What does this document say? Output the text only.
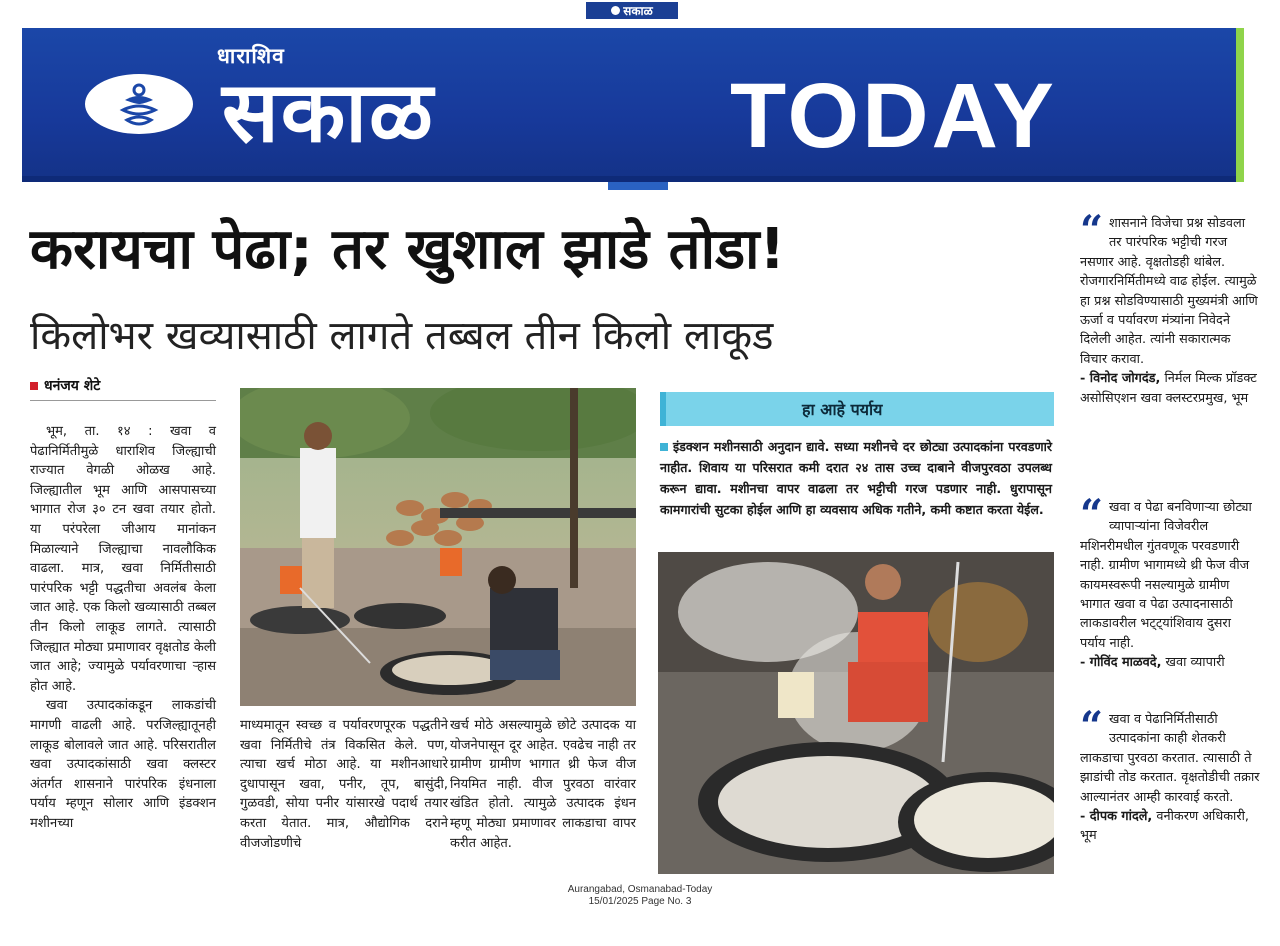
सकाळ
धाराशिव
सकाळ	TODAY
करायचा पेढा; तर खुशाल झाडे तोडा!
किलोभर खव्यासाठी लागते तब्बल तीन किलो लाकूड
धनंजय शेटे

भूम, ता. १४ : खवा व पेढानिर्मितीमुळे धाराशिव जिल्ह्याची राज्यात वेगळी ओळख आहे. जिल्ह्यातील भूम आणि आसपासच्या भागात रोज ३० टन खवा तयार होतो. या परंपरेला जीआय मानांकन मिळाल्याने जिल्ह्याचा नावलौकिक वाढला. मात्र, खवा निर्मितीसाठी पारंपरिक भट्टी पद्धतीचा अवलंब केला जात आहे. एक किलो खव्यासाठी तब्बल तीन किलो लाकूड लागते. त्यासाठी जिल्ह्यात मोठ्या प्रमाणावर वृक्षतोड केली जात आहे; ज्यामुळे पर्यावरणाचा ऱ्हास होत आहे.

खवा उत्पादकांकडून लाकडांची मागणी वाढली आहे. परजिल्ह्यातूनही लाकूड बोलावले जात आहे. परिसरातील खवा उत्पादकांसाठी खवा क्लस्टर अंतर्गत शासनाने पारंपरिक इंधनाला पर्याय म्हणून सोलार आणि इंडक्शन मशीनच्या

माध्यमातून स्वच्छ व पर्यावरणपूरक पद्धतीने खवा निर्मितीचे तंत्र विकसित केले. पण, त्याचा खर्च मोठा आहे. या मशीनआधारे दुधापासून खवा, पनीर, तूप, बासुंदी, गुळवडी, सोया पनीर यांसारखे पदार्थ तयार करता येतात. मात्र, औद्योगिक दराने वीजजोडणीचे

खर्च मोठे असल्यामुळे छोटे उत्पादक या योजनेपासून दूर आहेत. एवढेच नाही तर ग्रामीण ग्रामीण भागात थ्री फेज वीज नियमित नाही. वीज पुरवठा वारंवार खंडित होतो. त्यामुळे उत्पादक इंधन म्हणू मोठ्या प्रमाणावर लाकडाचा वापर करीत आहेत.

हा आहे पर्याय
इंडक्शन मशीनसाठी अनुदान द्यावे. सध्या मशीनचे दर छोट्या उत्पादकांना परवडणारे नाहीत. शिवाय या परिसरात कमी दरात २४ तास उच्च दाबाने वीजपुरवठा उपलब्ध करून द्यावा. मशीनचा वापर वाढला तर भट्टीची गरज पडणार नाही. धुरापासून कामगारांची सुटका होईल आणि हा व्यवसाय अधिक गतीने, कमी कष्टात करता येईल.
“ शासनाने विजेचा प्रश्न सोडवला तर पारंपरिक भट्टीची गरज नसणार आहे. वृक्षतोडही थांबेल. रोजगारनिर्मितीमध्ये वाढ होईल. त्यामुळे हा प्रश्न सोडविण्यासाठी मुख्यमंत्री आणि ऊर्जा व पर्यावरण मंत्र्यांना निवेदने दिलेली आहेत. त्यांनी सकारात्मक विचार करावा.
- विनोद जोगदंड, निर्मल मिल्क प्रॉडक्ट असोसिएशन खवा क्लस्टरप्रमुख, भूम
“ खवा व पेढा बनविणाऱ्या छोट्या व्यापाऱ्यांना विजेवरील मशिनरीमधील गुंतवणूक परवडणारी नाही. ग्रामीण भागामध्ये थ्री फेज वीज कायमस्वरूपी नसल्यामुळे ग्रामीण भागात खवा व पेढा उत्पादनासाठी लाकडावरील भट्ट्यांशिवाय दुसरा पर्याय नाही.
- गोविंद माळवदे, खवा व्यापारी
“ खवा व पेढानिर्मितीसाठी उत्पादकांना काही शेतकरी लाकडाचा पुरवठा करतात. त्यासाठी ते झाडांची तोड करतात. वृक्षतोडीची तक्रार आल्यानंतर आम्ही कारवाई करतो.
- दीपक गांदले, वनीकरण अधिकारी, भूम
Aurangabad, Osmanabad-Today
15/01/2025 Page No. 3
